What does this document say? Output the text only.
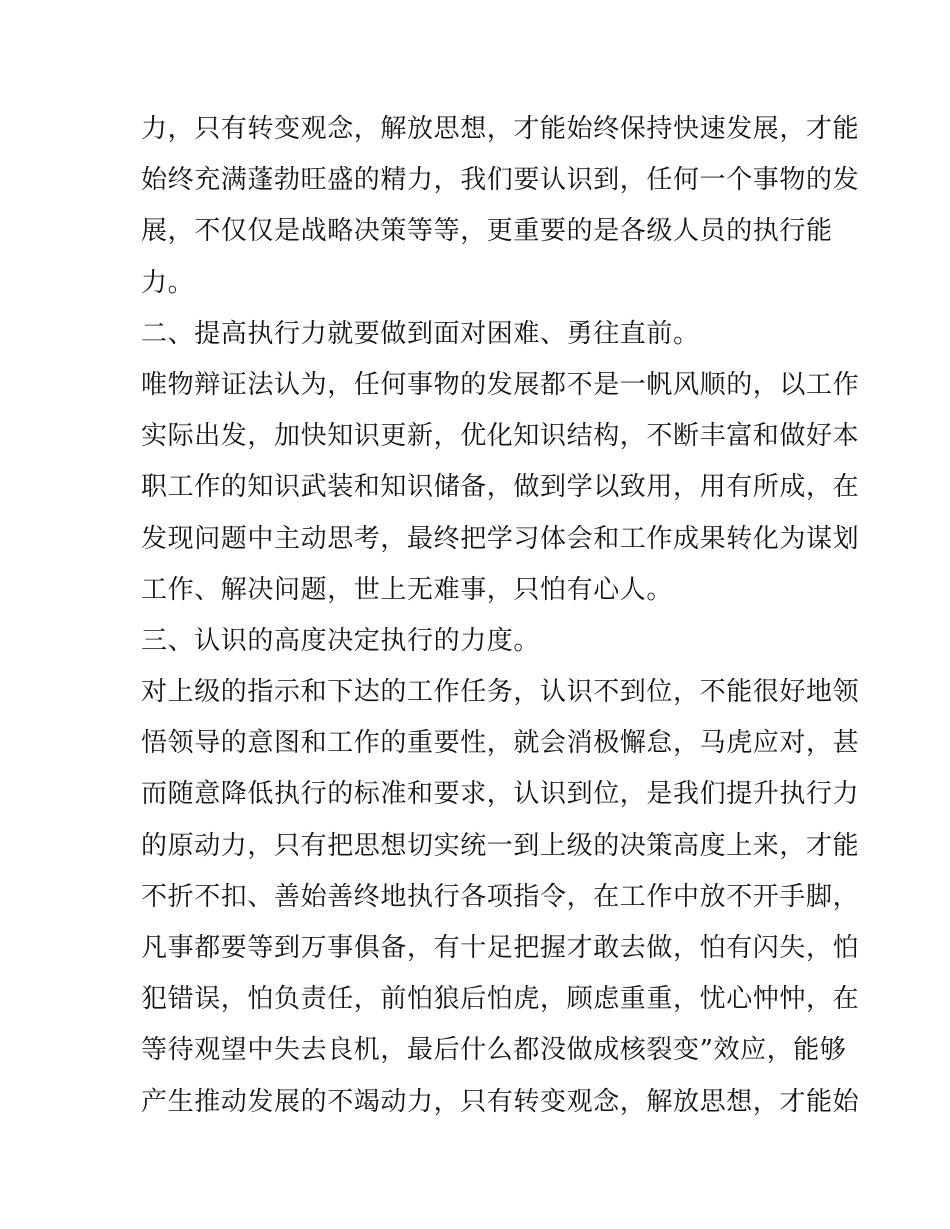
力，只有转变观念，解放思想，才能始终保持快速发展，才能
始终充满蓬勃旺盛的精力，我们要认识到，任何一个事物的发
展，不仅仅是战略决策等等，更重要的是各级人员的执行能
力。
二、提高执行力就要做到面对困难、勇往直前。
唯物辩证法认为，任何事物的发展都不是一帆风顺的，以工作
实际出发，加快知识更新，优化知识结构，不断丰富和做好本
职工作的知识武装和知识储备，做到学以致用，用有所成，在
发现问题中主动思考，最终把学习体会和工作成果转化为谋划
工作、解决问题，世上无难事，只怕有心人。
三、认识的高度决定执行的力度。
对上级的指示和下达的工作任务，认识不到位，不能很好地领
悟领导的意图和工作的重要性，就会消极懈怠，马虎应对，甚
而随意降低执行的标准和要求，认识到位，是我们提升执行力
的原动力，只有把思想切实统一到上级的决策高度上来，才能
不折不扣、善始善终地执行各项指令，在工作中放不开手脚，
凡事都要等到万事俱备，有十足把握才敢去做，怕有闪失，怕
犯错误，怕负责任，前怕狼后怕虎，顾虑重重，忧心忡忡，在
等待观望中失去良机，最后什么都没做成核裂变”效应，能够
产生推动发展的不竭动力，只有转变观念，解放思想，才能始
